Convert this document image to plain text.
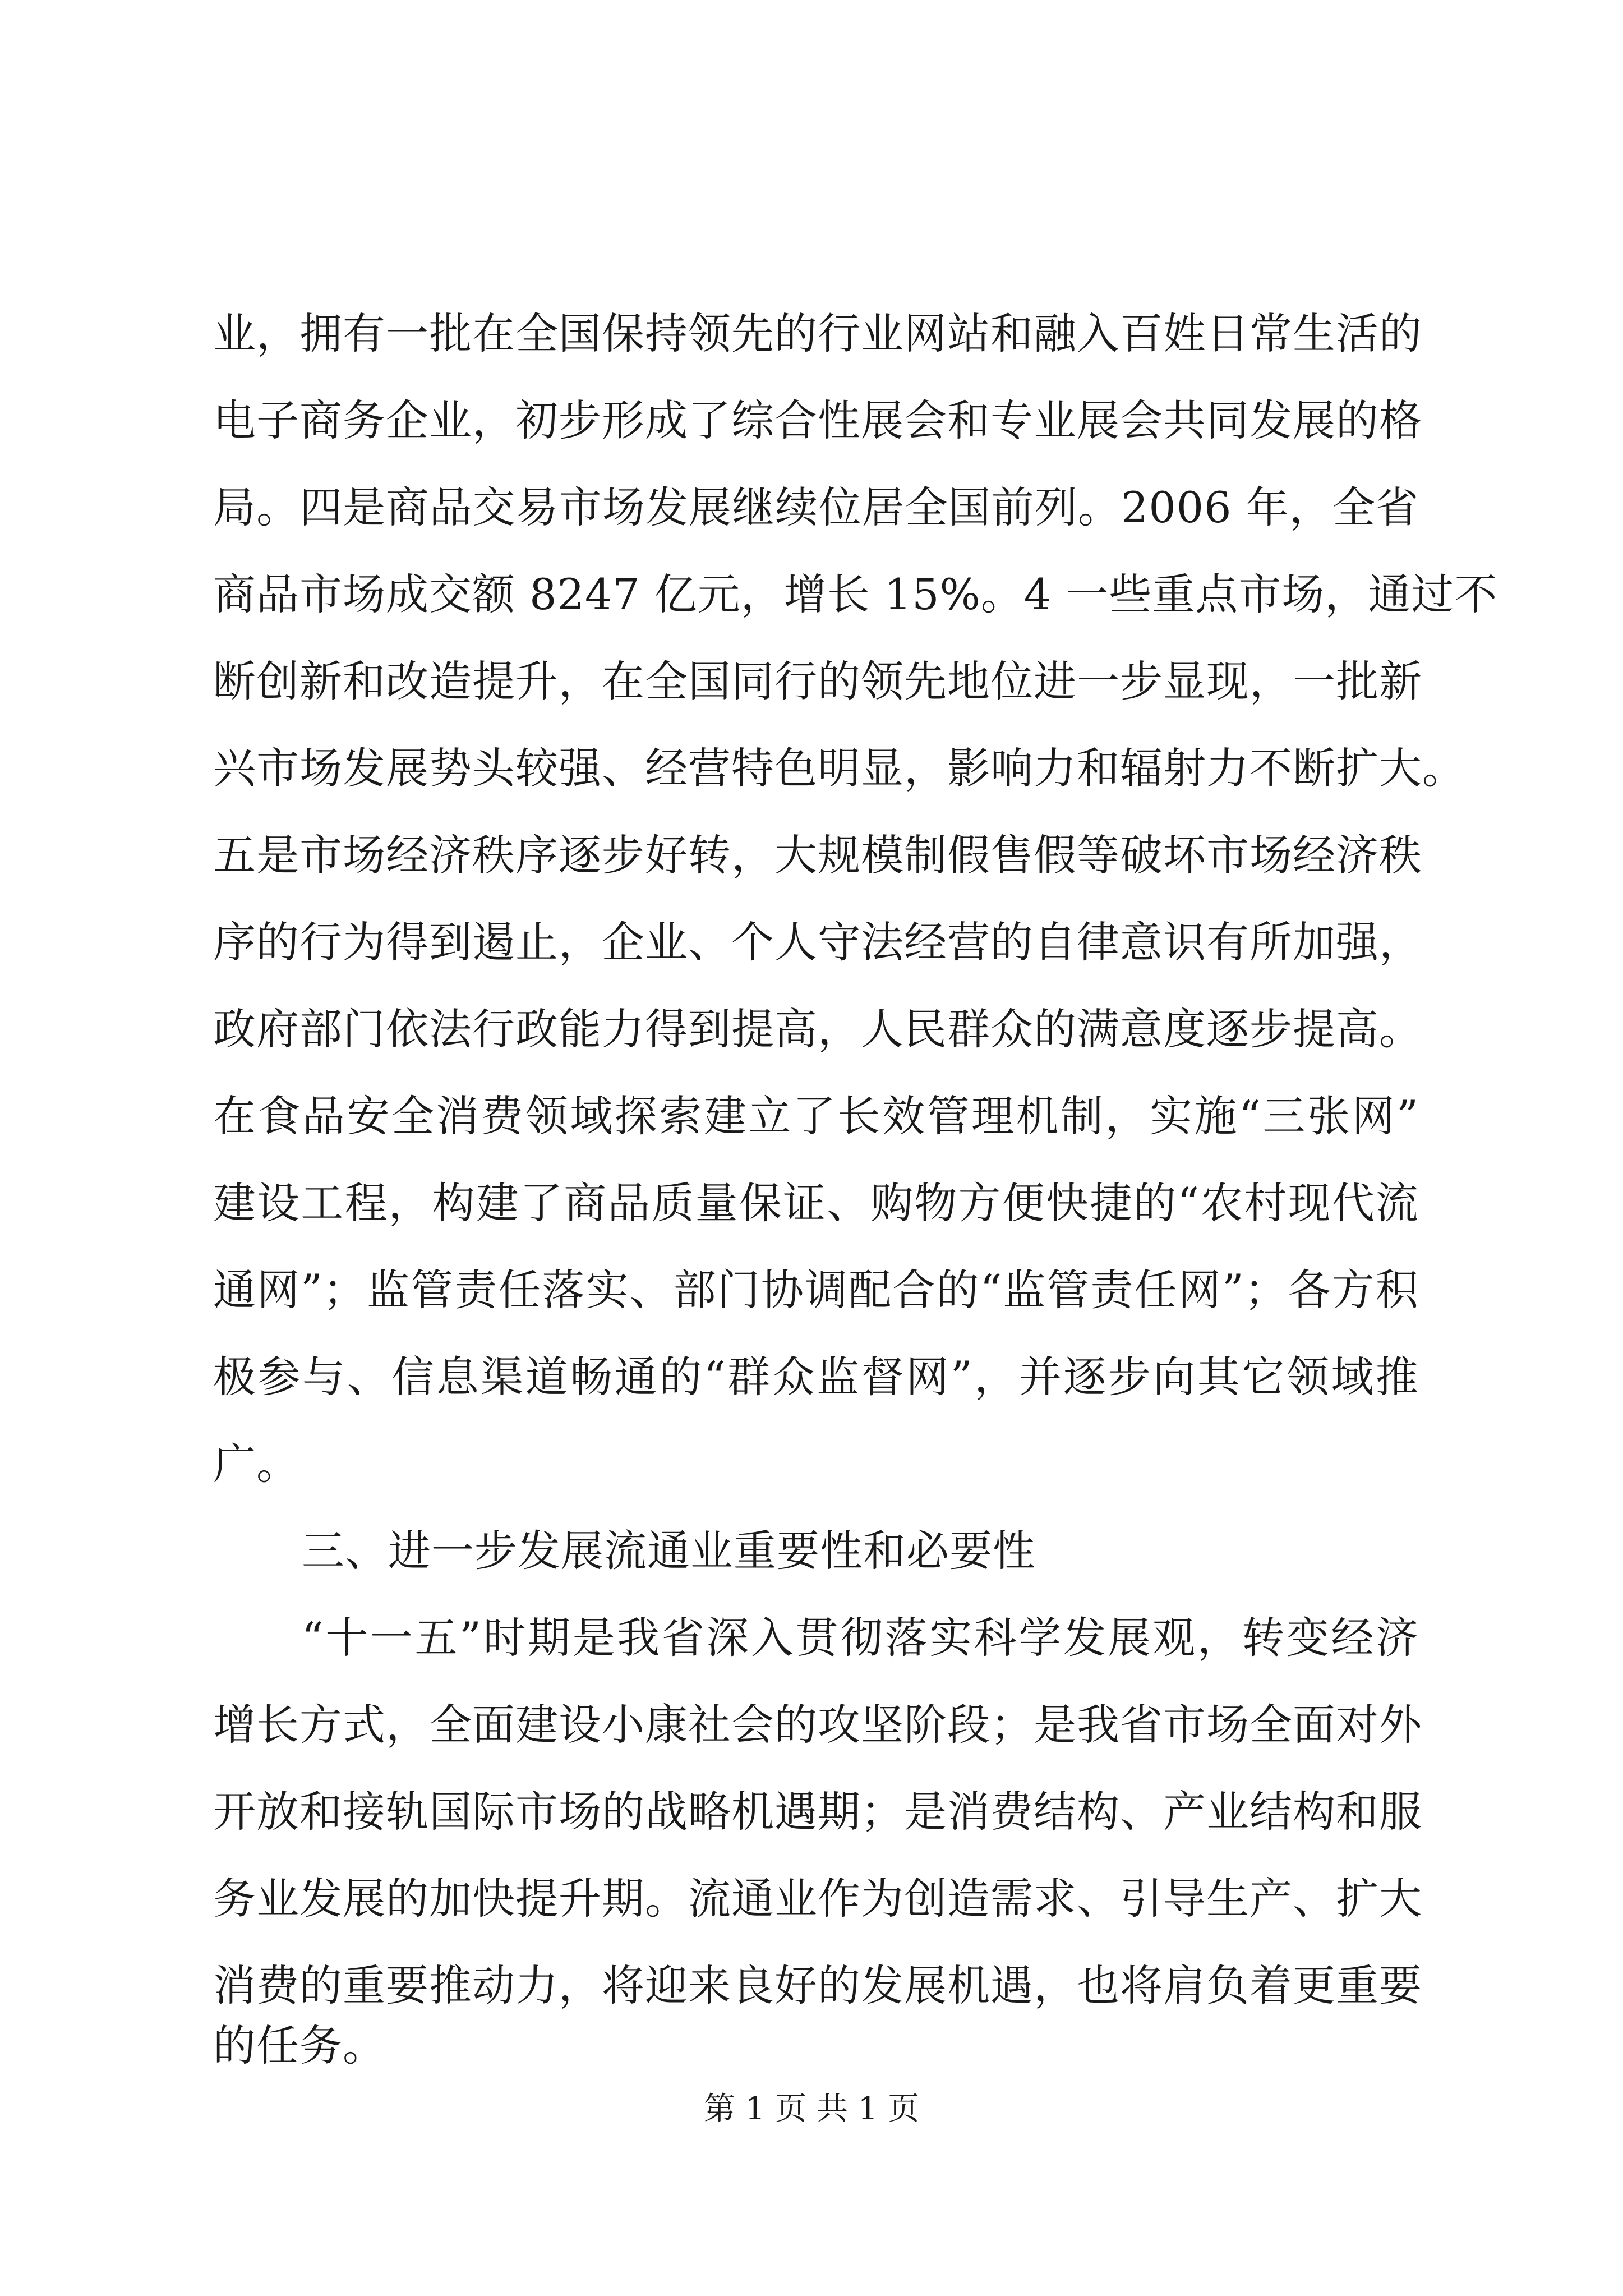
业，拥有一批在全国保持领先的行业网站和融入百姓日常生活的
电子商务企业，初步形成了综合性展会和专业展会共同发展的格
局。四是商品交易市场发展继续位居全国前列。2006 年，全省
商品市场成交额 8247 亿元，增长 15%。4 一些重点市场，通过不
断创新和改造提升，在全国同行的领先地位进一步显现，一批新
兴市场发展势头较强、经营特色明显，影响力和辐射力不断扩大。
五是市场经济秩序逐步好转，大规模制假售假等破坏市场经济秩
序的行为得到遏止，企业、个人守法经营的自律意识有所加强，
政府部门依法行政能力得到提高，人民群众的满意度逐步提高。
在食品安全消费领域探索建立了长效管理机制，实施“三张网”
建设工程，构建了商品质量保证、购物方便快捷的“农村现代流
通网”；监管责任落实、部门协调配合的“监管责任网”；各方积
极参与、信息渠道畅通的“群众监督网”，并逐步向其它领域推
广。
三、进一步发展流通业重要性和必要性
“十一五”时期是我省深入贯彻落实科学发展观，转变经济
增长方式，全面建设小康社会的攻坚阶段；是我省市场全面对外
开放和接轨国际市场的战略机遇期；是消费结构、产业结构和服
务业发展的加快提升期。流通业作为创造需求、引导生产、扩大
消费的重要推动力，将迎来良好的发展机遇，也将肩负着更重要
的任务。
第 1 页 共 1 页
